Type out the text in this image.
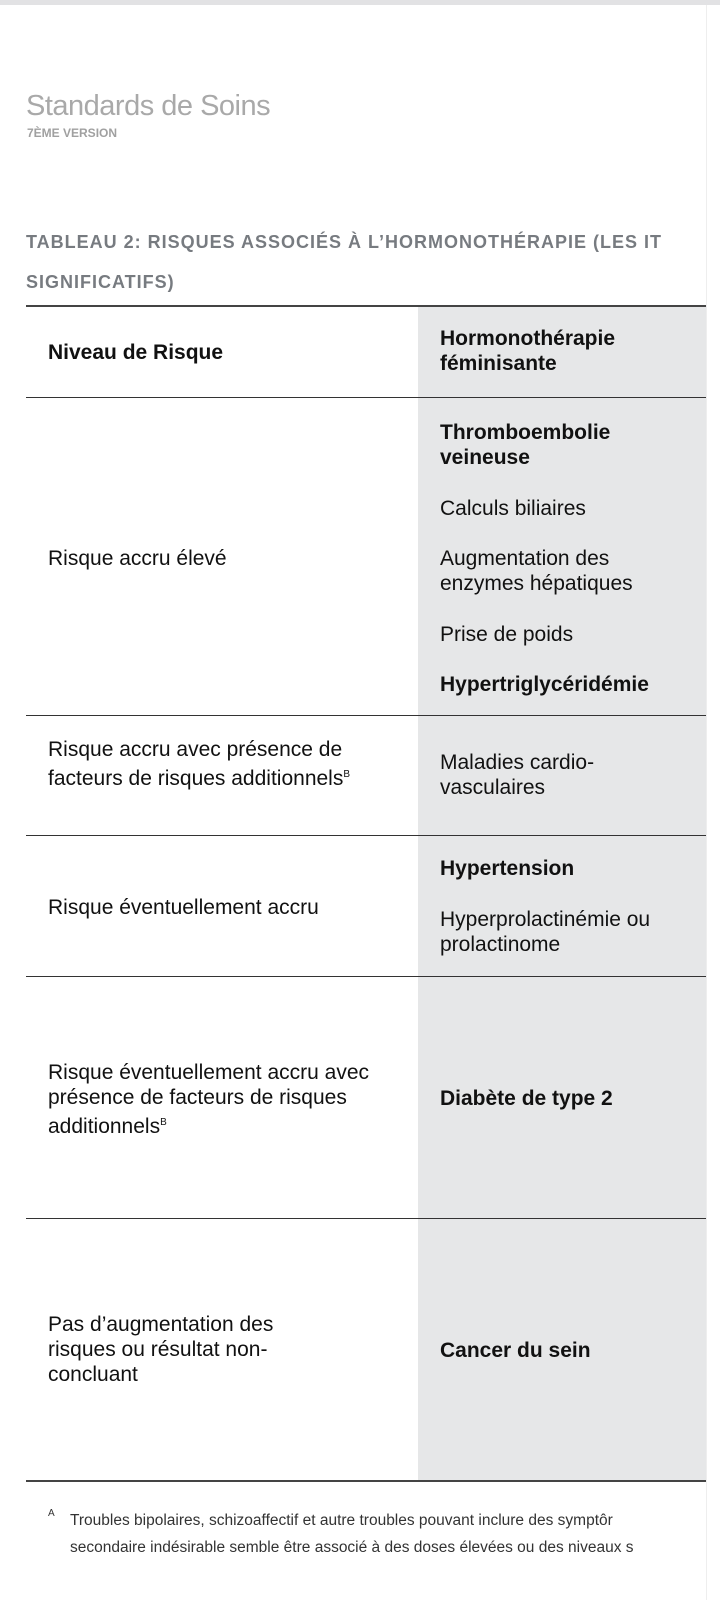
Standards de Soins
7ÈME VERSION
TABLEAU 2: RISQUES ASSOCIÉS À L’HORMONOTHÉRAPIE (LES IT
SIGNIFICATIFS)
Niveau de Risque
Hormonothérapie féminisante
Risque accru élevé
Thromboembolie veineuse
Calculs biliaires
Augmentation des enzymes hépatiques
Prise de poids
Hypertriglycéridémie
Risque accru avec présence de facteurs de risques additionnels$^B$
Maladies cardio-vasculaires
Risque éventuellement accru
Hypertension
Hyperprolactinémie ou prolactinome
Risque éventuellement accru avec présence de facteurs de risques additionnels$^B$
Diabète de type 2
Pas d’augmentation des risques ou résultat non-concluant
Cancer du sein
A Troubles bipolaires, schizoaffectif et autre troubles pouvant inclure des symptôr
secondaire indésirable semble être associé à des doses élevées ou des niveaux s
